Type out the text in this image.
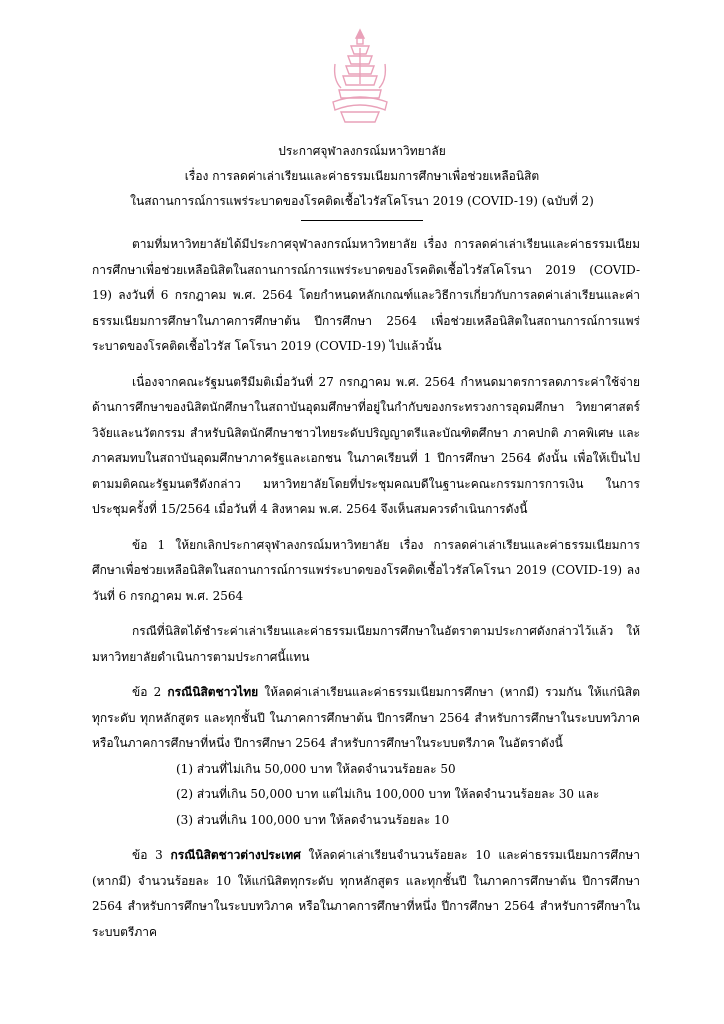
ประกาศจุฬาลงกรณ์มหาวิทยาลัย
เรื่อง การลดค่าเล่าเรียนและค่าธรรมเนียมการศึกษาเพื่อช่วยเหลือนิสิต
ในสถานการณ์การแพร่ระบาดของโรคติดเชื้อไวรัสโคโรนา 2019 (COVID-19) (ฉบับที่ 2)

ตามที่มหาวิทยาลัยได้มีประกาศจุฬาลงกรณ์มหาวิทยาลัย เรื่อง การลดค่าเล่าเรียนและค่าธรรมเนียมการศึกษาเพื่อช่วยเหลือนิสิตในสถานการณ์การแพร่ระบาดของโรคติดเชื้อไวรัสโคโรนา 2019 (COVID-19) ลงวันที่ 6 กรกฎาคม พ.ศ. 2564 โดยกำหนดหลักเกณฑ์และวิธีการเกี่ยวกับการลดค่าเล่าเรียนและค่าธรรมเนียมการศึกษาในภาคการศึกษาต้น ปีการศึกษา 2564 เพื่อช่วยเหลือนิสิตในสถานการณ์การแพร่ระบาดของโรคติดเชื้อไวรัส โคโรนา 2019 (COVID-19) ไปแล้วนั้น

เนื่องจากคณะรัฐมนตรีมีมติเมื่อวันที่ 27 กรกฎาคม พ.ศ. 2564 กำหนดมาตรการลดภาระค่าใช้จ่ายด้านการศึกษาของนิสิตนักศึกษาในสถาบันอุดมศึกษาที่อยู่ในกำกับของกระทรวงการอุดมศึกษา วิทยาศาสตร์ วิจัยและนวัตกรรม สำหรับนิสิตนักศึกษาชาวไทยระดับปริญญาตรีและบัณฑิตศึกษา ภาคปกติ ภาคพิเศษ และภาคสมทบในสถาบันอุดมศึกษาภาครัฐและเอกชน ในภาคเรียนที่ 1 ปีการศึกษา 2564 ดังนั้น เพื่อให้เป็นไปตามมติคณะรัฐมนตรีดังกล่าว มหาวิทยาลัยโดยที่ประชุมคณบดีในฐานะคณะกรรมการการเงิน ในการประชุมครั้งที่ 15/2564 เมื่อวันที่ 4 สิงหาคม พ.ศ. 2564 จึงเห็นสมควรดำเนินการดังนี้

ข้อ 1 ให้ยกเลิกประกาศจุฬาลงกรณ์มหาวิทยาลัย เรื่อง การลดค่าเล่าเรียนและค่าธรรมเนียมการศึกษาเพื่อช่วยเหลือนิสิตในสถานการณ์การแพร่ระบาดของโรคติดเชื้อไวรัสโคโรนา 2019 (COVID-19) ลงวันที่ 6 กรกฎาคม พ.ศ. 2564

กรณีที่นิสิตได้ชำระค่าเล่าเรียนและค่าธรรมเนียมการศึกษาในอัตราตามประกาศดังกล่าวไว้แล้ว ให้มหาวิทยาลัยดำเนินการตามประกาศนี้แทน

ข้อ 2 กรณีนิสิตชาวไทย ให้ลดค่าเล่าเรียนและค่าธรรมเนียมการศึกษา (หากมี) รวมกัน ให้แก่นิสิตทุกระดับ ทุกหลักสูตร และทุกชั้นปี ในภาคการศึกษาต้น ปีการศึกษา 2564 สำหรับการศึกษาในระบบทวิภาค หรือในภาคการศึกษาที่หนึ่ง ปีการศึกษา 2564 สำหรับการศึกษาในระบบตรีภาค ในอัตราดังนี้

(1) ส่วนที่ไม่เกิน 50,000 บาท ให้ลดจำนวนร้อยละ 50

(2) ส่วนที่เกิน 50,000 บาท แต่ไม่เกิน 100,000 บาท ให้ลดจำนวนร้อยละ 30 และ

(3) ส่วนที่เกิน 100,000 บาท ให้ลดจำนวนร้อยละ 10

ข้อ 3 กรณีนิสิตชาวต่างประเทศ ให้ลดค่าเล่าเรียนจำนวนร้อยละ 10 และค่าธรรมเนียมการศึกษา (หากมี) จำนวนร้อยละ 10 ให้แก่นิสิตทุกระดับ ทุกหลักสูตร และทุกชั้นปี ในภาคการศึกษาต้น ปีการศึกษา 2564 สำหรับการศึกษาในระบบทวิภาค หรือในภาคการศึกษาที่หนึ่ง ปีการศึกษา 2564 สำหรับการศึกษาในระบบตรีภาค
